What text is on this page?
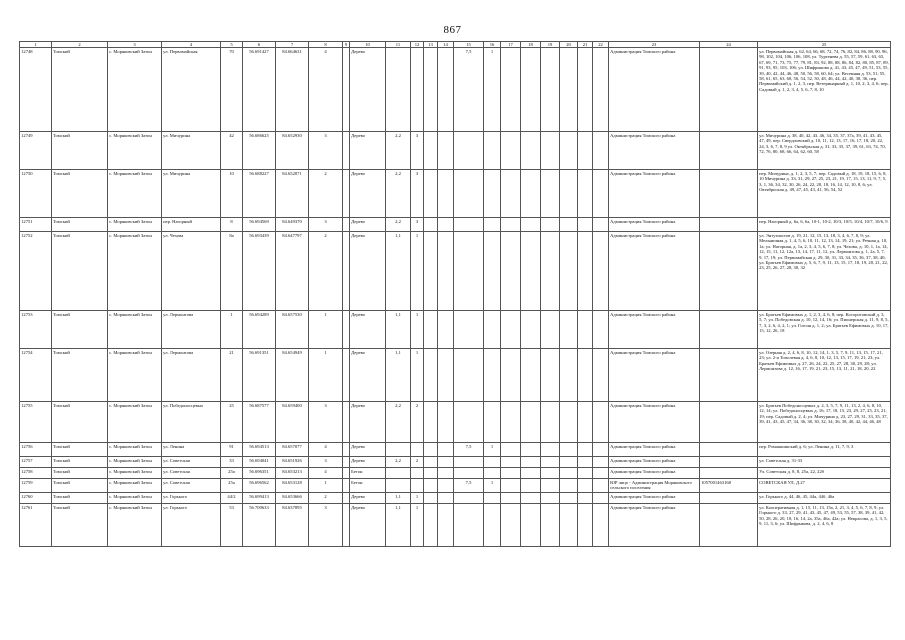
867
1	2	3	4	5	6	7	8	9	10	11	12	13	14	15	16	17	18	19	20	21	22	23	24	25
12748	Томский	с. Моряковский Затон	ул. Первомайская	70	56.691427	84.664631	4		Дерево					7,5	1							Администрация Томского района		ул. Первомайская д. 62, 64, 66, 68, 72, 74, 76, 82, 84, 86, 88, 90, 96, 98, 102, 104, 106, 106, 108, ул. Тургенева д. 55, 57, 59, 61, 63, 65, 67, 69, 71, 73, 75, 77, 79, 81, 83, 92, 88, 88, 86, 84, 82, 80, 85, 87, 89, 91, 93, 95, 103, 106; ул. Шифрыкова д. 41, 43, 45, 47, 49, 51, 53, 55, 39, 40, 42, 44, 46, 48, 50, 56, 58, 60, 64; ул. Весенняя д. 53, 51, 55, 58, 61, 65, 63, 68, 56, 54, 52, 50, 48, 46, 44, 42, 40, 38, 36, пер. Первомайский д. 1, 2, 3, пер. Ветеринарный д. 1, 10, 2, 3, 4, 6; пер. Садовый д. 1, 2, 3, 4, 5, 6, 7, 8, 10
12749	Томский	с. Моряковский Затон	ул. Мичурина	42	56.686625	84.652930	3		Дерево	2,2	3											Администрация Томского района		ул. Мичурина д. 38, 40, 42, 43, 46, 34, 35, 37, 37а, 39, 41, 43, 45, 47, 49, пер. Свердловский д. 10, 11, 12, 13, 17, 16, 17, 18, 20, 22, 24, 3, 6, 7, 8, 9 ул. Октябрьская д. 31, 33, 35, 37, 39, 61, 63, 74, 70, 72, 76, 80, 68, 66, 64, 62, 60, 58
12750	Томский	с. Моряковский Затон	ул. Мичурина	10	56.688227	84.652071	2		Дерево	2,2	3											Администрация Томского района		пер. Мичурина, д. 1, 2, 3, 5, 7; пер. Садовый д. 18, 19, 18, 15, 6, 8, 10 Мичурина д. 33, 31, 29, 27, 25, 23, 21, 19, 17, 15, 13, 11, 9, 7, 5, 3, 1, 36, 34, 32, 30, 26, 24, 22, 20, 18, 16, 14, 12, 10, 8, 6; ул. Октябрьская д. 49, 47, 45, 43, 41, 56, 54, 52
12751	Томский	с. Моряковский Затон	пер. Нагорный	8	56.694569	84.649370	3		Дерево	2,2	3											Администрация Томского района		пер. Нагорный д. 6а, 6, 6а, 10-1, 10-2, 10/3, 10/5, 10/4, 10/7, 10/6, 9
12752	Томский	с. Моряковский Затон	ул. Чехова	8а	56.693439	84.647797	2		Дерево	1,1	1											Администрация Томского района		ул. Энтузиастов д. 19, 21, 12, 15, 13, 18, 3, 4, 6, 7, 8, 9; ул. Мельничная д. 1, 4, 5, 6, 10, 11, 12, 13, 14, 19, 21; ул. Речная д. 10, 1а; ул. Нагорная, д. 1а, 2, 3, 4, 5, 6, 7, 8; ул. Чехова, д. 10, 1, 1а, 14, 12, 15, 11, 12, 12а, 13, 14, 17, 11, 12, ул. Лермонтова д. 1, 2а, 5, 7, 9, 17, 19; ул. Первомайская д. 29, 30, 31, 33, 34, 35, 36, 37, 38, 40; ул. Братьев Ефимовых д. 5, 6, 7, 9, 11, 13, 15, 17, 18, 19, 20, 21, 22, 23, 25, 26, 27, 28, 30, 32
12753	Томский	с. Моряковский Затон	ул. Лермонтова	1	56.694289	84.657530	1		Дерево	1,1	1											Администрация Томского района		ул. Братьев Ефимовых д. 1, 2, 3, 4, 6, 8; пер. Косоротовский д. 3, 5, 7; ул. Победовская д. 10, 12, 14, 16; ул. Пионерская д. 11, 9, 8, 5, 7, 3, 2, 6, 4, 2, 1; ул. Гоголя д. 1, 2; ул. Братьев Ефимовых д. 10, 17, 15, 12, 26, 18
12754	Томский	с. Моряковский Затон	ул. Лермонтова	21	56.691351	84.654949	1		Дерево	1,1	1											Администрация Томского района		ул. Озерная д. 2, 4, 6, 8, 10, 12, 14, 1, 3, 5, 7, 9, 11, 13, 15, 17, 21, 23; ул. 2-я Тополевая д. 4, 6, 8, 10, 12, 13, 15, 17, 19, 21, 23; ул. Братьев Ефимовых д. 27, 26, 24, 22, 25, 27, 28, 30, 29, 28; ул. Лермонтова д. 12, 16, 17, 19, 21, 23, 15, 13, 11, 21, 18, 20, 22
12755	Томский	с. Моряковский Затон	ул. Победоносцевых	25	56.687577	84.659400	3		Дерево	2,2	2											Администрация Томского района		ул. Братьев Победоносцевых д. 2, 3, 5, 7, 9, 11, 13, 2, 4, 6, 8, 10, 12, 14; ул. Победоносцевых д. 16, 17, 18, 15, 23, 29, 27, 25, 23, 21, 19; пер. Садовый д. 2, 4; ул. Мичурина д. 23, 27, 29, 31, 33, 35, 37, 39, 41, 43, 45, 47, 34, 36, 38, 30, 32, 34, 36, 38, 40, 42, 44, 46, 48
12756	Томский	с. Моряковский Затон	ул. Ленина	91	56.694513	84.657077	4		Дерево					7,5	1							Администрация Томского района		пер. Ромашкинский д. 6; ул. Ленина д. 11, 7, 9, 3
12757	Томский	с. Моряковский Затон	ул. Советская	33	56.694041	84.651926	3		Дерево	2,2	2											Администрация Томского района		ул. Советская д. 31-33
12758	Томский	с. Моряковский Затон	ул. Советская	25а	56.696351	84.653213	4		Бетон													Администрация Томского района		Ул. Советская д. 8, 8, 25а, 22, 22б
12759	Томский	с. Моряковский Затон	ул. Советская	25а	56.696562	84.653128	1		Бетон					7,5	1							ЮР лицо - Администрация Моряковского сельского поселения	1057001463168	СОВЕТСКАЯ УЛ, Д.27
12760	Томский	с. Моряковский Затон	ул. Горького	44/2	56.699413	84.653666	2		Дерево	1,1	1											Администрация Томского района		ул. Горького д. 44, 46, 45, 44а, 44б, 46а
12761	Томский	с. Моряковский Затон	ул. Горького	53	56.700633	84.637895	3		Дерево	1,1	1											Администрация Томского района		ул. Кооперативная д. 1, 15, 11, 13, 15а, 2, 21, 3, 4, 5, 6, 7, 8, 9; ул. Горького д. 33, 27, 29, 41, 43, 45, 47, 49, 53, 55, 57, 38, 39, 41, 42, 50, 28, 26, 20, 18, 16, 14, 2а, 35а, 46а, 42а; ул. Некрасова, д. 1, 3, 5, 9, 11, 3, 6; ул. Шифрыкова, д. 2, 4, 6, 8
